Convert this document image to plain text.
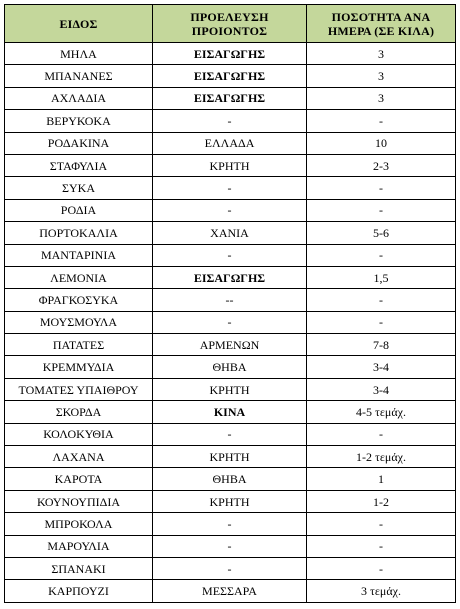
ΕΙΔΟΣ	ΠΡΟΕΛΕΥΣΗ ΠΡΟΙΟΝΤΟΣ	ΠΟΣΟΤΗΤΑ ΑΝΑ ΗΜΕΡΑ (ΣΕ ΚΙΛΑ)
ΜΗΛΑ	ΕΙΣΑΓΩΓΗΣ	3
ΜΠΑΝΑΝΕΣ	ΕΙΣΑΓΩΓΗΣ	3
ΑΧΛΑΔΙΑ	ΕΙΣΑΓΩΓΗΣ	3
ΒΕΡΥΚΟΚΑ	-	-
ΡΟΔΑΚΙΝΑ	ΕΛΛΑΔΑ	10
ΣΤΑΦΥΛΙΑ	ΚΡΗΤΗ	2-3
ΣΥΚΑ	-	-
ΡΟΔΙΑ	-	-
ΠΟΡΤΟΚΑΛΙΑ	ΧΑΝΙΑ	5-6
ΜΑΝΤΑΡΙΝΙΑ	-	-
ΛΕΜΟΝΙΑ	ΕΙΣΑΓΩΓΗΣ	1,5
ΦΡΑΓΚΟΣΥΚΑ	--	-
ΜΟΥΣΜΟΥΛΑ	-	-
ΠΑΤΑΤΕΣ	ΑΡΜΕΝΩΝ	7-8
ΚΡΕΜΜΥΔΙΑ	ΘΗΒΑ	3-4
ΤΟΜΑΤΕΣ ΥΠΑΙΘΡΟΥ	ΚΡΗΤΗ	3-4
ΣΚΟΡΔΑ	ΚΙΝΑ	4-5 τεμάχ.
ΚΟΛΟΚΥΘΙΑ	-	-
ΛΑΧΑΝΑ	ΚΡΗΤΗ	1-2 τεμάχ.
ΚΑΡΟΤΑ	ΘΗΒΑ	1
ΚΟΥΝΟΥΠΙΔΙΑ	ΚΡΗΤΗ	1-2
ΜΠΡΟΚΟΛΑ	-	-
ΜΑΡΟΥΛΙΑ	-	-
ΣΠΑΝΑΚΙ	-	-
ΚΑΡΠΟΥΖΙ	ΜΕΣΣΑΡΑ	3 τεμάχ.
